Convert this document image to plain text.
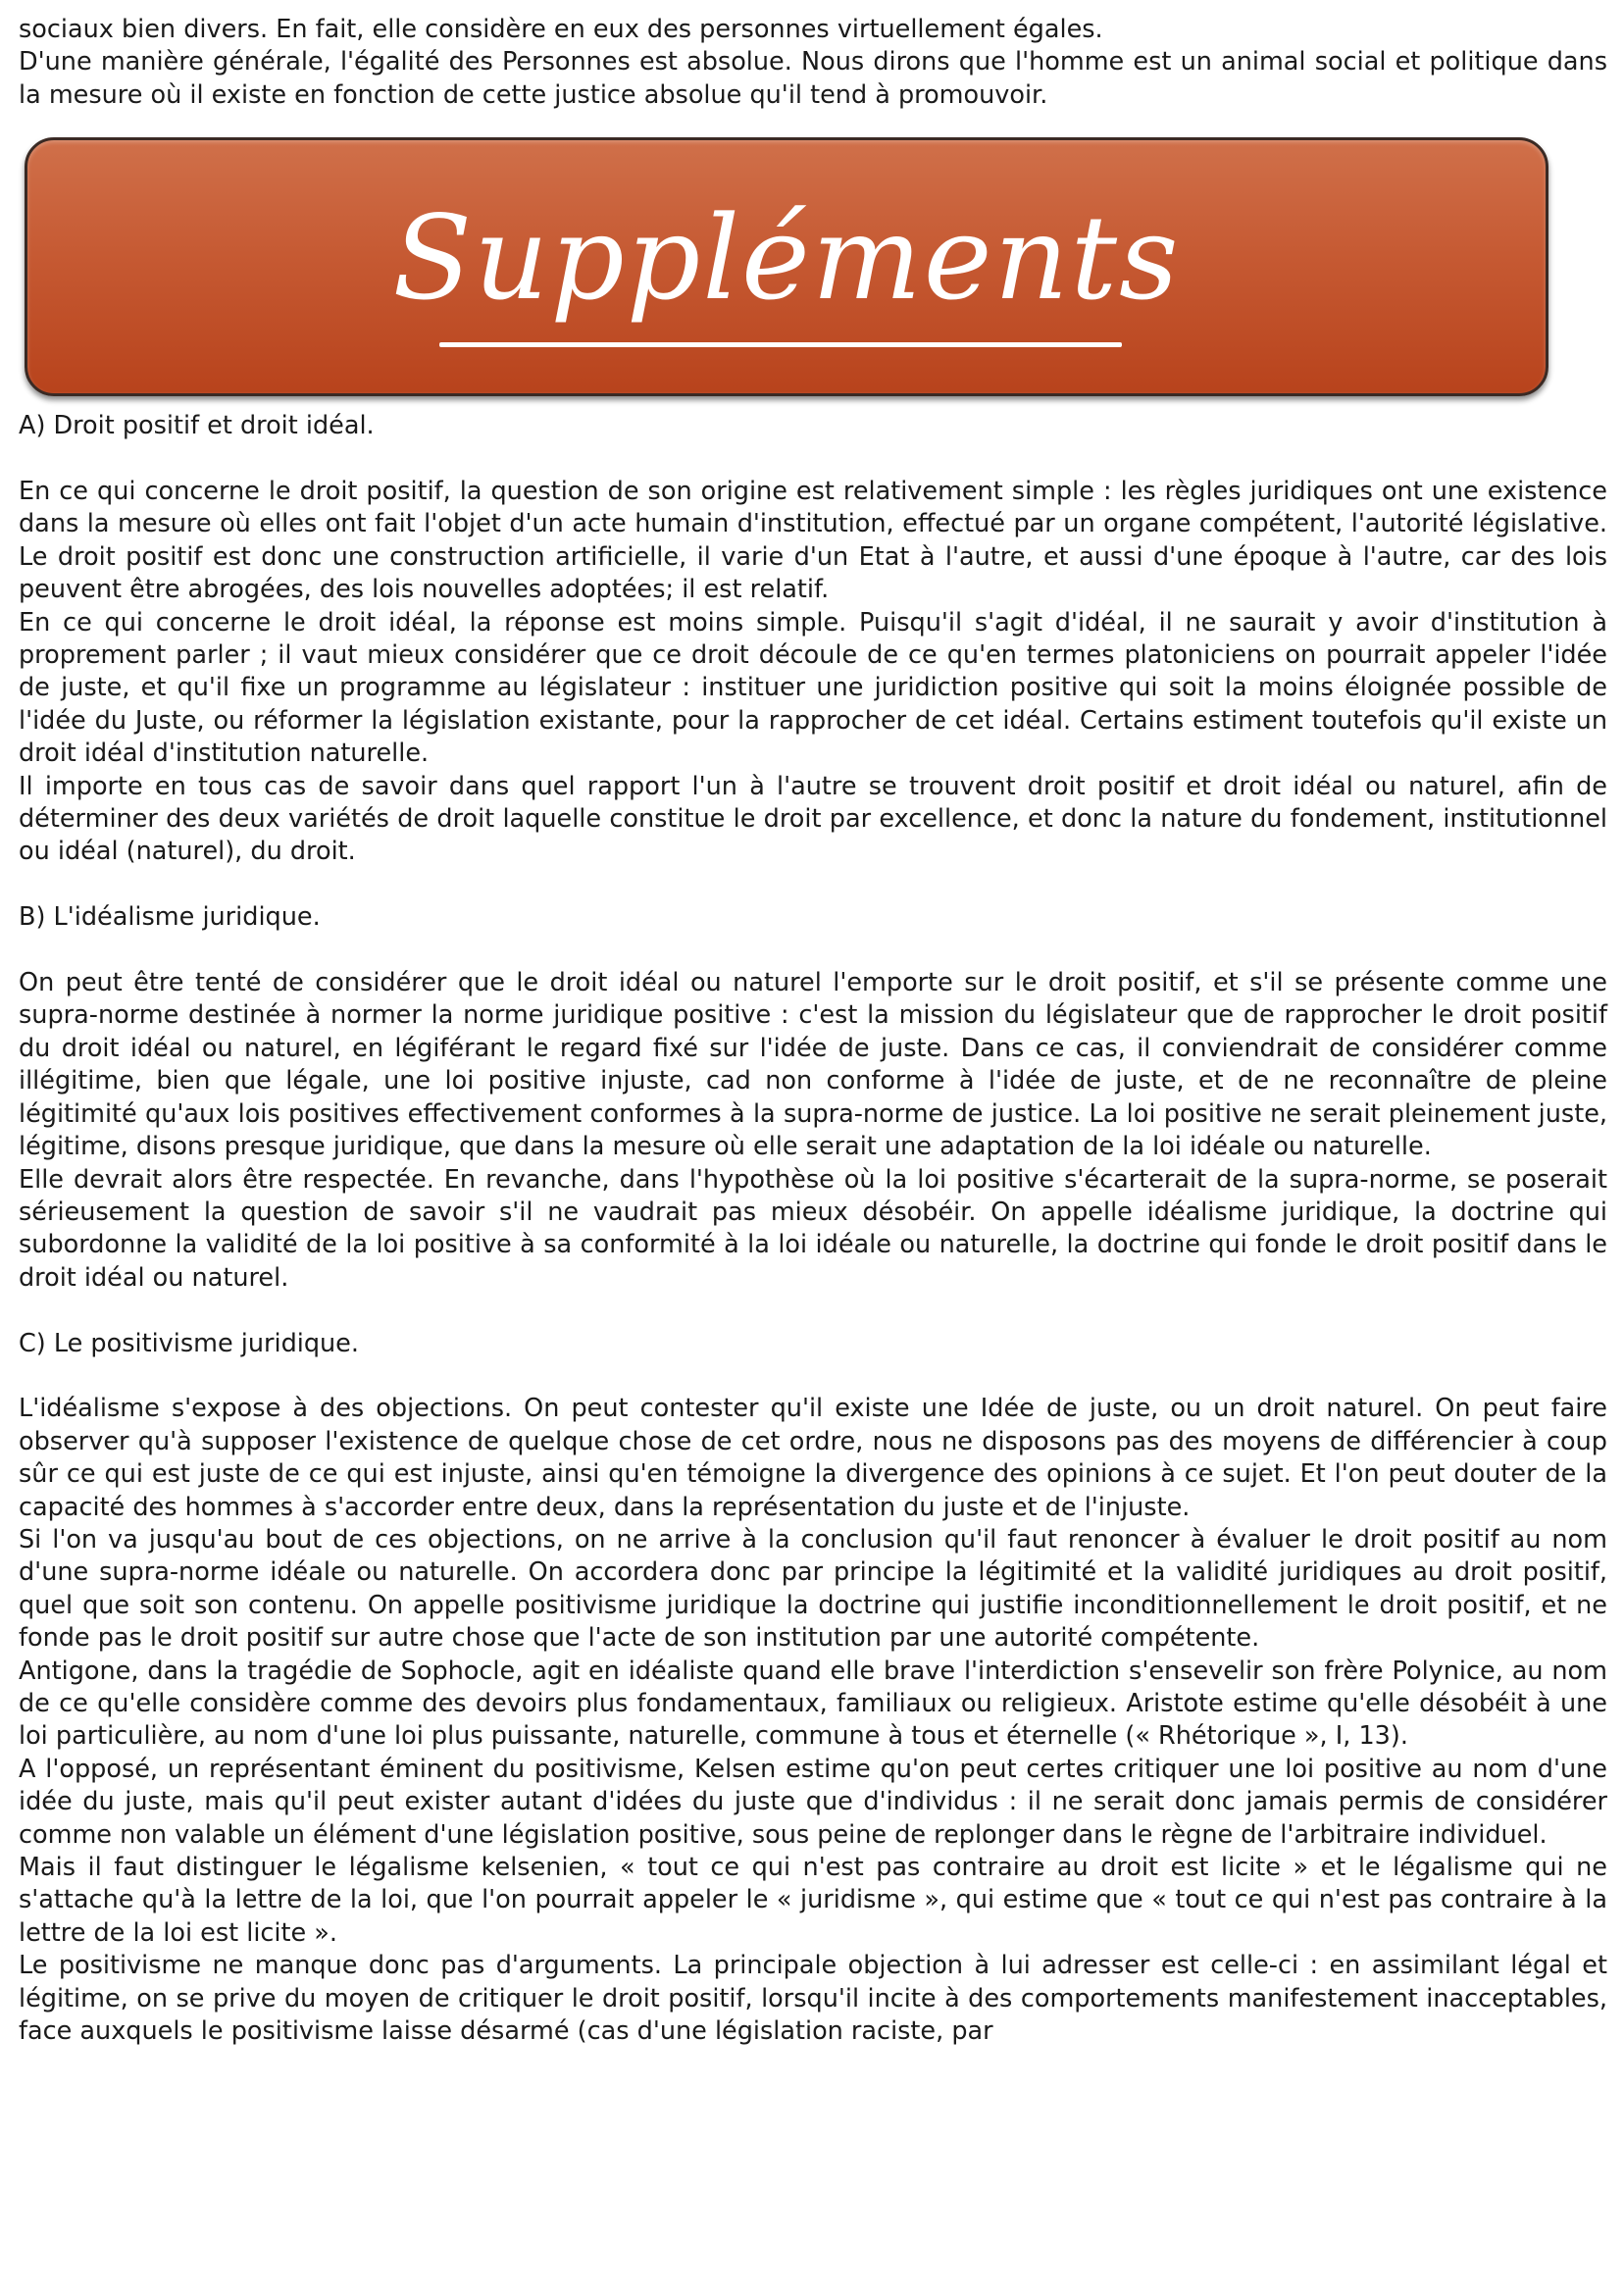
sociaux bien divers. En fait, elle considère en eux des personnes virtuellement égales.

D'une manière générale, l'égalité des Personnes est absolue. Nous dirons que l'homme est un animal social et politique dans la mesure où il existe en fonction de cette justice absolue qu'il tend à promouvoir.

Suppléments

A) Droit positif et droit idéal.

En ce qui concerne le droit positif, la question de son origine est relativement simple : les règles juridiques ont une existence dans la mesure où elles ont fait l'objet d'un acte humain d'institution, effectué par un organe compétent, l'autorité législative. Le droit positif est donc une construction artificielle, il varie d'un Etat à l'autre, et aussi d'une époque à l'autre, car des lois peuvent être abrogées, des lois nouvelles adoptées; il est relatif.

En ce qui concerne le droit idéal, la réponse est moins simple. Puisqu'il s'agit d'idéal, il ne saurait y avoir d'institution à proprement parler ; il vaut mieux considérer que ce droit découle de ce qu'en termes platoniciens on pourrait appeler l'idée de juste, et qu'il fixe un programme au législateur : instituer une juridiction positive qui soit la moins éloignée possible de l'idée du Juste, ou réformer la législation existante, pour la rapprocher de cet idéal. Certains estiment toutefois qu'il existe un droit idéal d'institution naturelle.

Il importe en tous cas de savoir dans quel rapport l'un à l'autre se trouvent droit positif et droit idéal ou naturel, afin de déterminer des deux variétés de droit laquelle constitue le droit par excellence, et donc la nature du fondement, institutionnel ou idéal (naturel), du droit.

B) L'idéalisme juridique.

On peut être tenté de considérer que le droit idéal ou naturel l'emporte sur le droit positif, et s'il se présente comme une supra-norme destinée à normer la norme juridique positive : c'est la mission du législateur que de rapprocher le droit positif du droit idéal ou naturel, en légiférant le regard fixé sur l'idée de juste. Dans ce cas, il conviendrait de considérer comme illégitime, bien que légale, une loi positive injuste, cad non conforme à l'idée de juste, et de ne reconnaître de pleine légitimité qu'aux lois positives effectivement conformes à la supra-norme de justice. La loi positive ne serait pleinement juste, légitime, disons presque juridique, que dans la mesure où elle serait une adaptation de la loi idéale ou naturelle.

Elle devrait alors être respectée. En revanche, dans l'hypothèse où la loi positive s'écarterait de la supra-norme, se poserait sérieusement la question de savoir s'il ne vaudrait pas mieux désobéir. On appelle idéalisme juridique, la doctrine qui subordonne la validité de la loi positive à sa conformité à la loi idéale ou naturelle, la doctrine qui fonde le droit positif dans le droit idéal ou naturel.

C) Le positivisme juridique.

L'idéalisme s'expose à des objections. On peut contester qu'il existe une Idée de juste, ou un droit naturel. On peut faire observer qu'à supposer l'existence de quelque chose de cet ordre, nous ne disposons pas des moyens de différencier à coup sûr ce qui est juste de ce qui est injuste, ainsi qu'en témoigne la divergence des opinions à ce sujet. Et l'on peut douter de la capacité des hommes à s'accorder entre deux, dans la représentation du juste et de l'injuste.

Si l'on va jusqu'au bout de ces objections, on ne arrive à la conclusion qu'il faut renoncer à évaluer le droit positif au nom d'une supra-norme idéale ou naturelle. On accordera donc par principe la légitimité et la validité juridiques au droit positif, quel que soit son contenu. On appelle positivisme juridique la doctrine qui justifie inconditionnellement le droit positif, et ne fonde pas le droit positif sur autre chose que l'acte de son institution par une autorité compétente.

Antigone, dans la tragédie de Sophocle, agit en idéaliste quand elle brave l'interdiction s'ensevelir son frère Polynice, au nom de ce qu'elle considère comme des devoirs plus fondamentaux, familiaux ou religieux. Aristote estime qu'elle désobéit à une loi particulière, au nom d'une loi plus puissante, naturelle, commune à tous et éternelle (« Rhétorique », I, 13).

A l'opposé, un représentant éminent du positivisme, Kelsen estime qu'on peut certes critiquer une loi positive au nom d'une idée du juste, mais qu'il peut exister autant d'idées du juste que d'individus : il ne serait donc jamais permis de considérer comme non valable un élément d'une législation positive, sous peine de replonger dans le règne de l'arbitraire individuel.

Mais il faut distinguer le légalisme kelsenien, « tout ce qui n'est pas contraire au droit est licite » et le légalisme qui ne s'attache qu'à la lettre de la loi, que l'on pourrait appeler le « juridisme », qui estime que « tout ce qui n'est pas contraire à la lettre de la loi est licite ».

Le positivisme ne manque donc pas d'arguments. La principale objection à lui adresser est celle-ci : en assimilant légal et légitime, on se prive du moyen de critiquer le droit positif, lorsqu'il incite à des comportements manifestement inacceptables, face auxquels le positivisme laisse désarmé (cas d'une législation raciste, par
